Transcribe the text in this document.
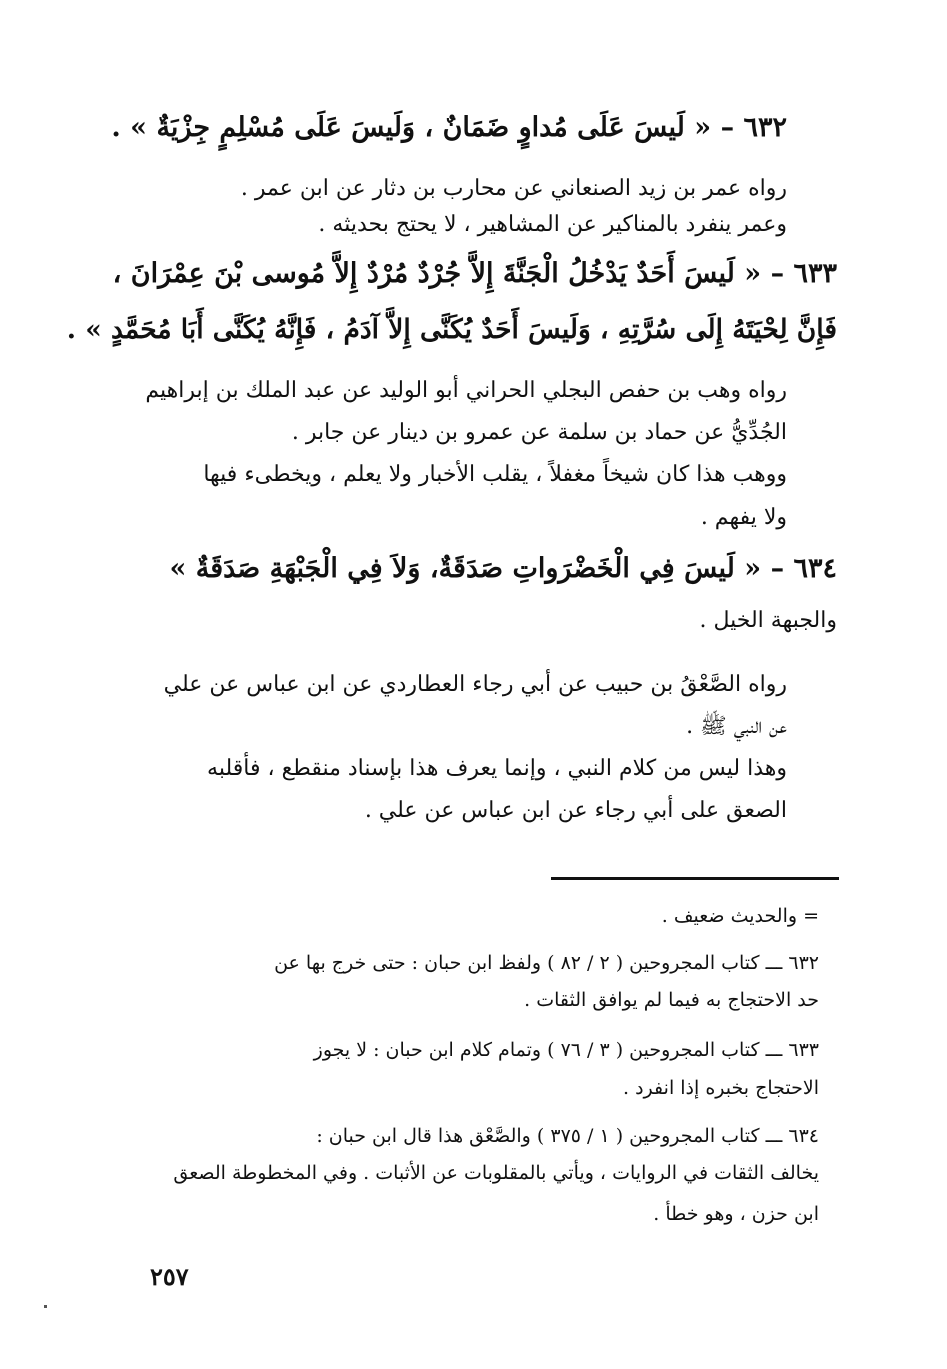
٦٣٢ – « لَيسَ عَلَى مُداوٍ ضَمَانٌ ، وَلَيسَ عَلَى مُسْلِمٍ جِزْيَةٌ » .
رواه عمر بن زيد الصنعاني عن محارب بن دثار عن ابن عمر .
وعمر ينفرد بالمناكير عن المشاهير ، لا يحتج بحديثه .
٦٣٣ – « لَيسَ أَحَدٌ يَدْخُلُ الْجَنَّةَ إِلاَّ جُرْدٌ مُرْدٌ إِلاَّ مُوسى بْنَ عِمْرَانَ ،
فَإِنَّ لِحْيَتَهُ إِلَى سُرَّتِهِ ، وَلَيسَ أَحَدٌ يُكَنَّى إِلاَّ آدَمُ ، فَإِنَّهُ يُكَنَّى أَبَا مُحَمَّدٍ » .
رواه وهب بن حفص البجلي الحراني أبو الوليد عن عبد الملك بن إبراهيم
الجُدِّيُّ عن حماد بن سلمة عن عمرو بن دينار عن جابر .
ووهب هذا كان شيخاً مغفلاً ، يقلب الأخبار ولا يعلم ، ويخطىء فيها
ولا يفهم .
٦٣٤ – « لَيسَ فِي الْخَضْرَواتِ صَدَقَةٌ، وَلاَ فِي الْجَبْهَةِ صَدَقَةٌ »
والجبهة الخيل .
رواه الصَّعْقُ بن حبيب عن أبي رجاء العطاردي عن ابن عباس عن علي
عن النبي ﷺ .
وهذا ليس من كلام النبي ، وإنما يعرف هذا بإسناد منقطع ، فأقلبه
الصعق على أبي رجاء عن ابن عباس عن علي .
= والحديث ضعيف .
٦٣٢ ـــ كتاب المجروحين ( ٢ / ٨٢ ) ولفظ ابن حبان : حتى خرج بها عن
حد الاحتجاج به فيما لم يوافق الثقات .
٦٣٣ ـــ كتاب المجروحين ( ٣ / ٧٦ ) وتمام كلام ابن حبان : لا يجوز
الاحتجاج بخبره إذا انفرد .
٦٣٤ ـــ كتاب المجروحين ( ١ / ٣٧٥ ) والصَّعْق هذا قال ابن حبان :
يخالف الثقات في الروايات ، ويأتي بالمقلوبات عن الأثبات . وفي المخطوطة الصعق
ابن حزن ، وهو خطأ .
٢٥٧
